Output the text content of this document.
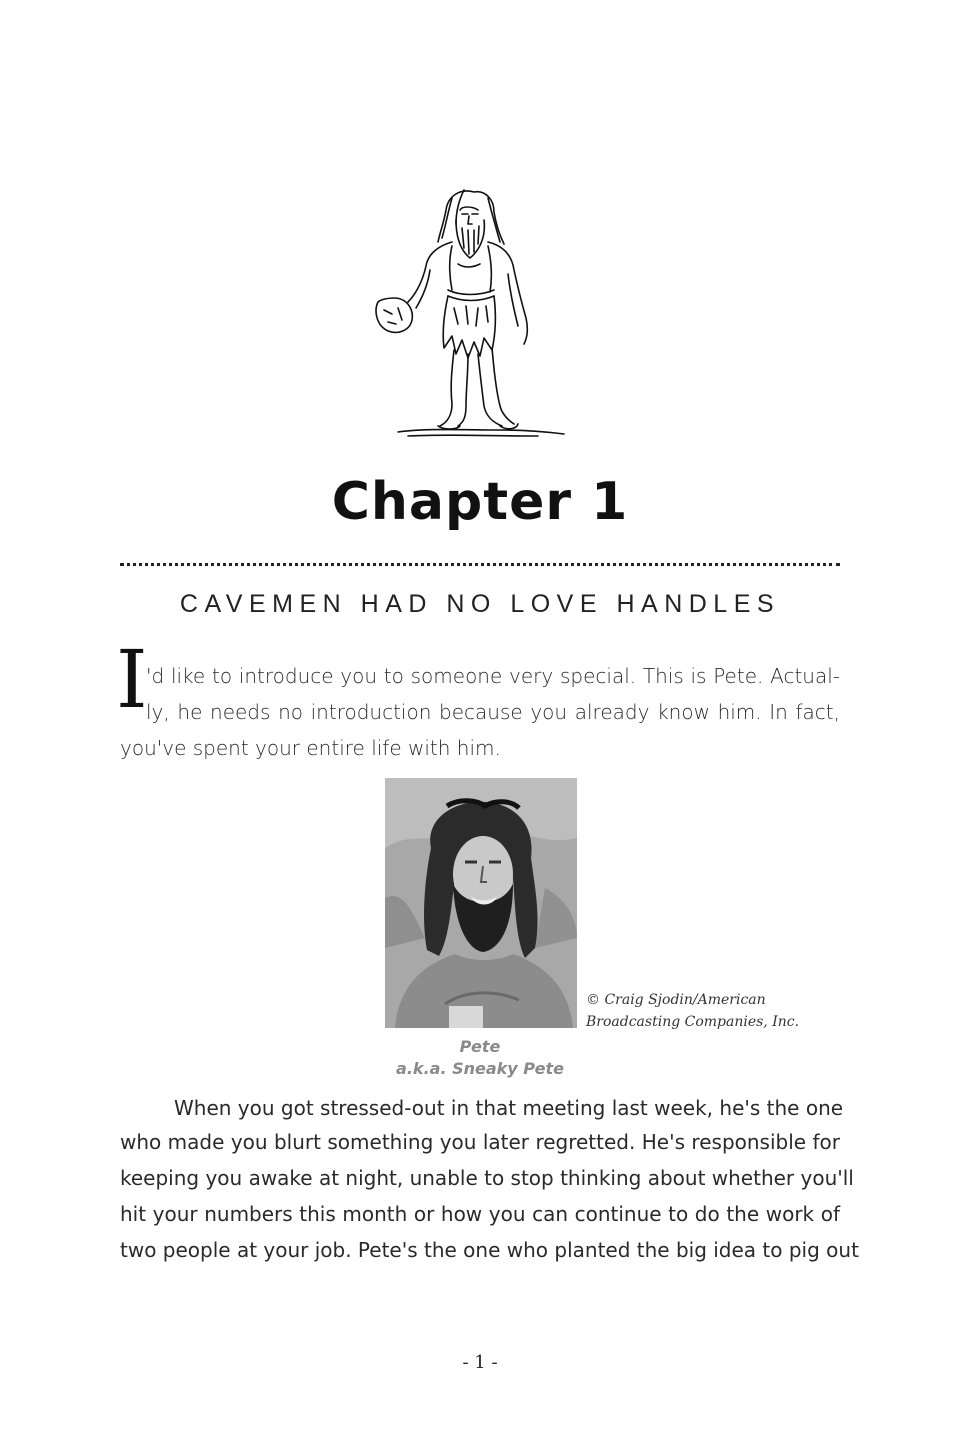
Chapter 1
CAVEMEN HAD NO LOVE HANDLES
I
'd like to introduce you to someone very special. This is Pete. Actual-
ly, he needs no introduction because you already know him. In fact,
you've spent your entire life with him.
© Craig Sjodin/American
Broadcasting Companies, Inc.
Pete
a.k.a. Sneaky Pete
When you got stressed-out in that meeting last week, he's the one
who made you blurt something you later regretted. He's responsible for
keeping you awake at night, unable to stop thinking about whether you'll
hit your numbers this month or how you can continue to do the work of
two people at your job. Pete's the one who planted the big idea to pig out
- 1 -
